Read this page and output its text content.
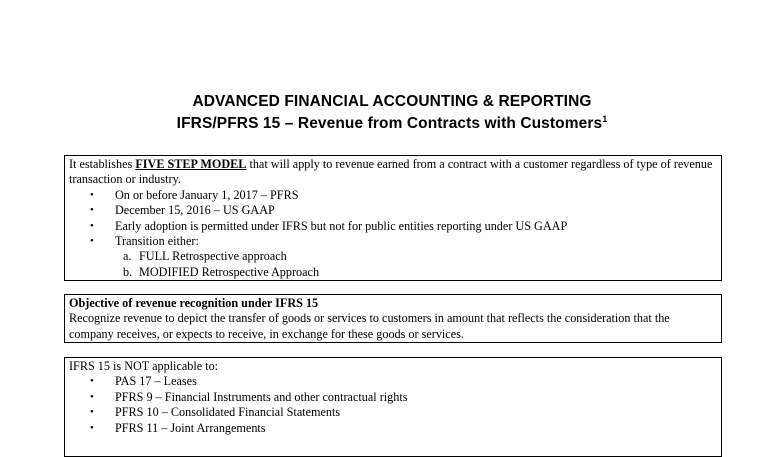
ADVANCED FINANCIAL ACCOUNTING & REPORTING
IFRS/PFRS 15 – Revenue from Contracts with Customers$^1$

It establishes FIVE STEP MODEL that will apply to revenue earned from a contract with a customer regardless of type of revenue transaction or industry.

• On or before January 1, 2017 – PFRS
• December 15, 2016 – US GAAP
• Early adoption is permitted under IFRS but not for public entities reporting under US GAAP
• Transition either:
a. FULL Retrospective approach
b. MODIFIED Retrospective Approach

Objective of revenue recognition under IFRS 15

Recognize revenue to depict the transfer of goods or services to customers in amount that reflects the consideration that the company receives, or expects to receive, in exchange for these goods or services.

IFRS 15 is NOT applicable to:

• PAS 17 – Leases
• PFRS 9 – Financial Instruments and other contractual rights
• PFRS 10 – Consolidated Financial Statements
• PFRS 11 – Joint Arrangements
